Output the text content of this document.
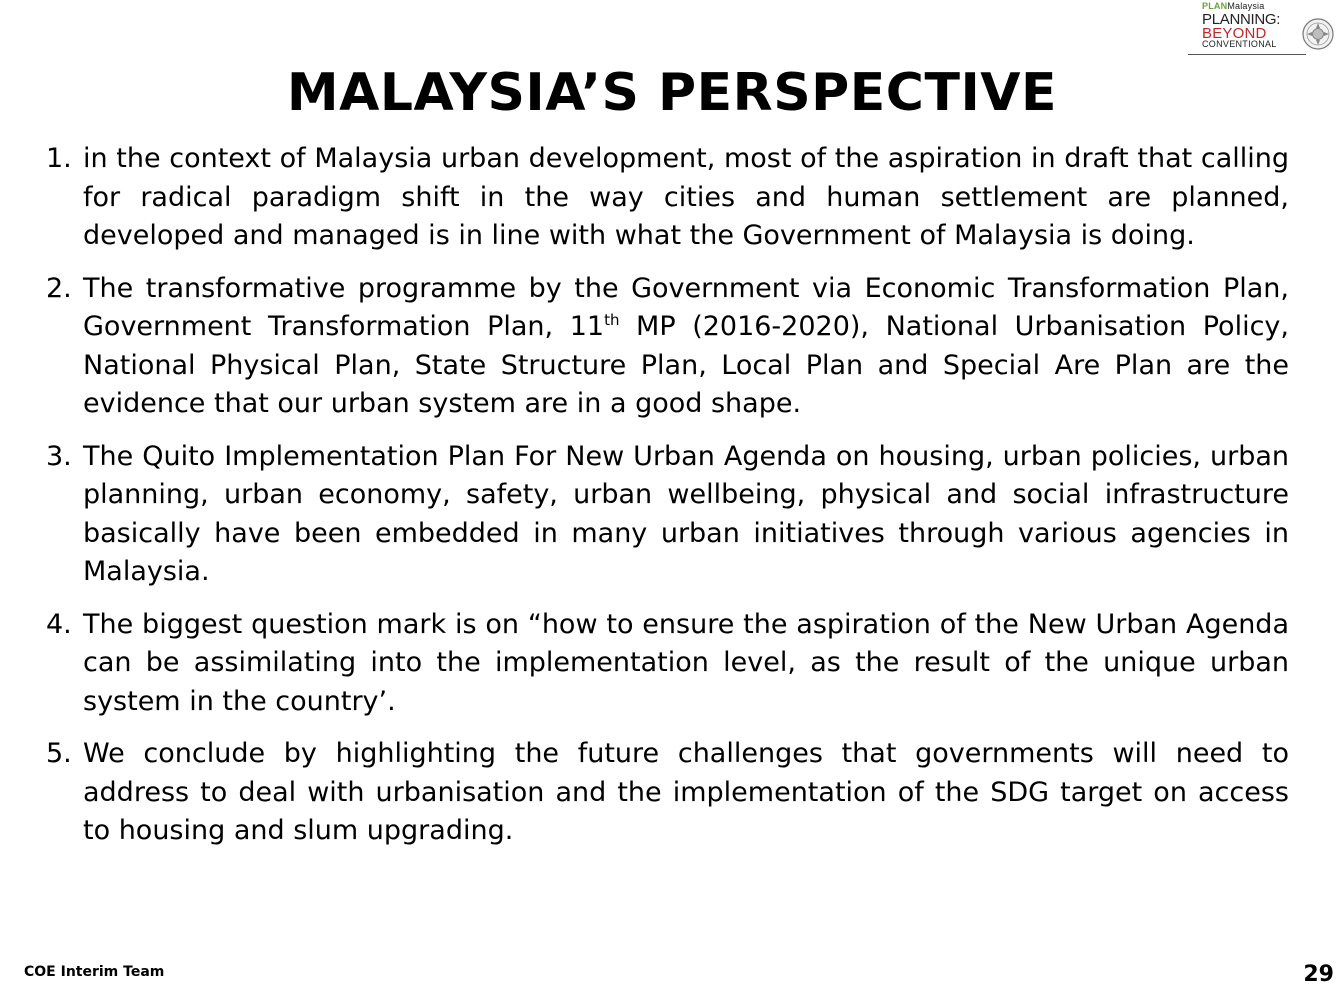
PLANMalaysia
PLANNING:
BEYOND
CONVENTIONAL
MALAYSIA’S PERSPECTIVE
1. in the context of Malaysia urban development, most of the aspiration in draft that calling for radical paradigm shift in the way cities and human settlement are planned, developed and managed is in line with what the Government of Malaysia is doing.
2. The transformative programme by the Government via Economic Transformation Plan, Government Transformation Plan, 11th MP (2016-2020), National Urbanisation Policy, National Physical Plan, State Structure Plan, Local Plan and Special Are Plan are the evidence that our urban system are in a good shape.
3. The Quito Implementation Plan For New Urban Agenda on housing, urban policies, urban planning, urban economy, safety, urban wellbeing, physical and social infrastructure basically have been embedded in many urban initiatives through various agencies in Malaysia.
4. The biggest question mark is on “how to ensure the aspiration of the New Urban Agenda can be assimilating into the implementation level, as the result of the unique urban system in the country’.
5. We conclude by highlighting the future challenges that governments will need to address to deal with urbanisation and the implementation of the SDG target on access to housing and slum upgrading.
COE Interim Team	29
